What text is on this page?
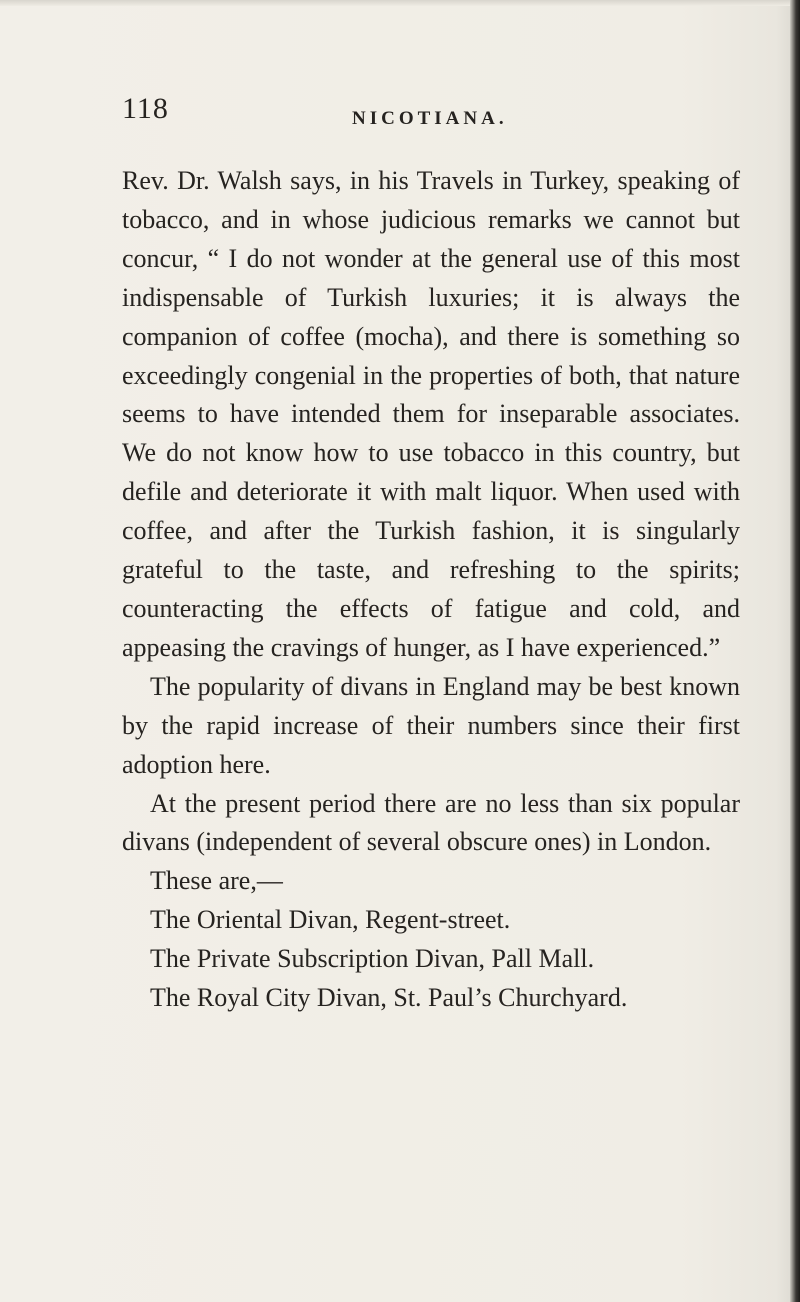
118	NICOTIANA.

Rev. Dr. Walsh says, in his Travels in Turkey, speaking of tobacco, and in whose judicious remarks we cannot but concur, “ I do not wonder at the general use of this most indispensable of Turkish luxuries; it is always the companion of coffee (mocha), and there is something so exceedingly congenial in the properties of both, that nature seems to have intended them for inseparable associates. We do not know how to use tobacco in this country, but defile and deteriorate it with malt liquor. When used with coffee, and after the Turkish fashion, it is singularly grateful to the taste, and refreshing to the spirits; counteracting the effects of fatigue and cold, and appeasing the cravings of hunger, as I have experienced.”

The popularity of divans in England may be best known by the rapid increase of their numbers since their first adoption here.

At the present period there are no less than six popular divans (independent of several obscure ones) in London.

These are,—

The Oriental Divan, Regent-street.

The Private Subscription Divan, Pall Mall.

The Royal City Divan, St. Paul’s Churchyard.
